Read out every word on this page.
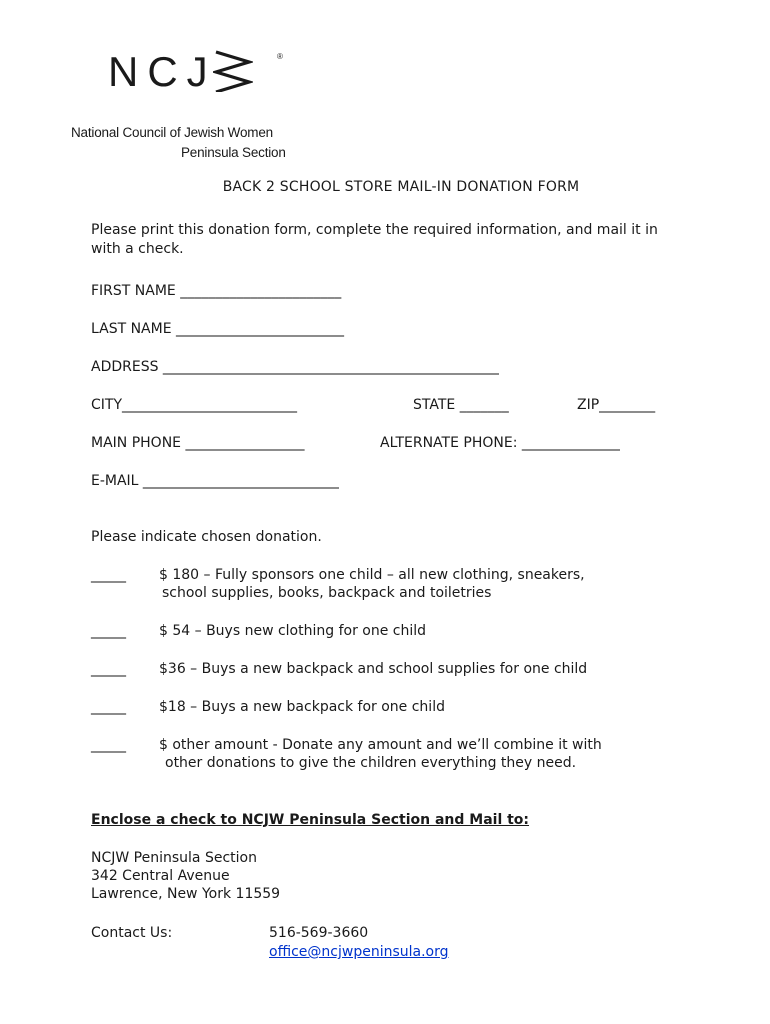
NCJ	®
National Council of Jewish Women
Peninsula Section
BACK 2 SCHOOL STORE MAIL-IN DONATION FORM
Please print this donation form, complete the required information, and mail it in
with a check.
FIRST NAME _______________________
LAST NAME ________________________
ADDRESS ________________________________________________
CITY_________________________	STATE _______	ZIP________
MAIN PHONE _________________	ALTERNATE PHONE: ______________
E-MAIL ____________________________
Please indicate chosen donation.
_____ $ 180 – Fully sponsors one child – all new clothing, sneakers,
school supplies, books, backpack and toiletries
_____ $ 54 – Buys new clothing for one child
_____ $36 – Buys a new backpack and school supplies for one child
_____ $18 – Buys a new backpack for one child
_____ $ other amount - Donate any amount and we’ll combine it with
other donations to give the children everything they need.
Enclose a check to NCJW Peninsula Section and Mail to:
NCJW Peninsula Section
342 Central Avenue
Lawrence, New York 11559
Contact Us:	516-569-3660
office@ncjwpeninsula.org
